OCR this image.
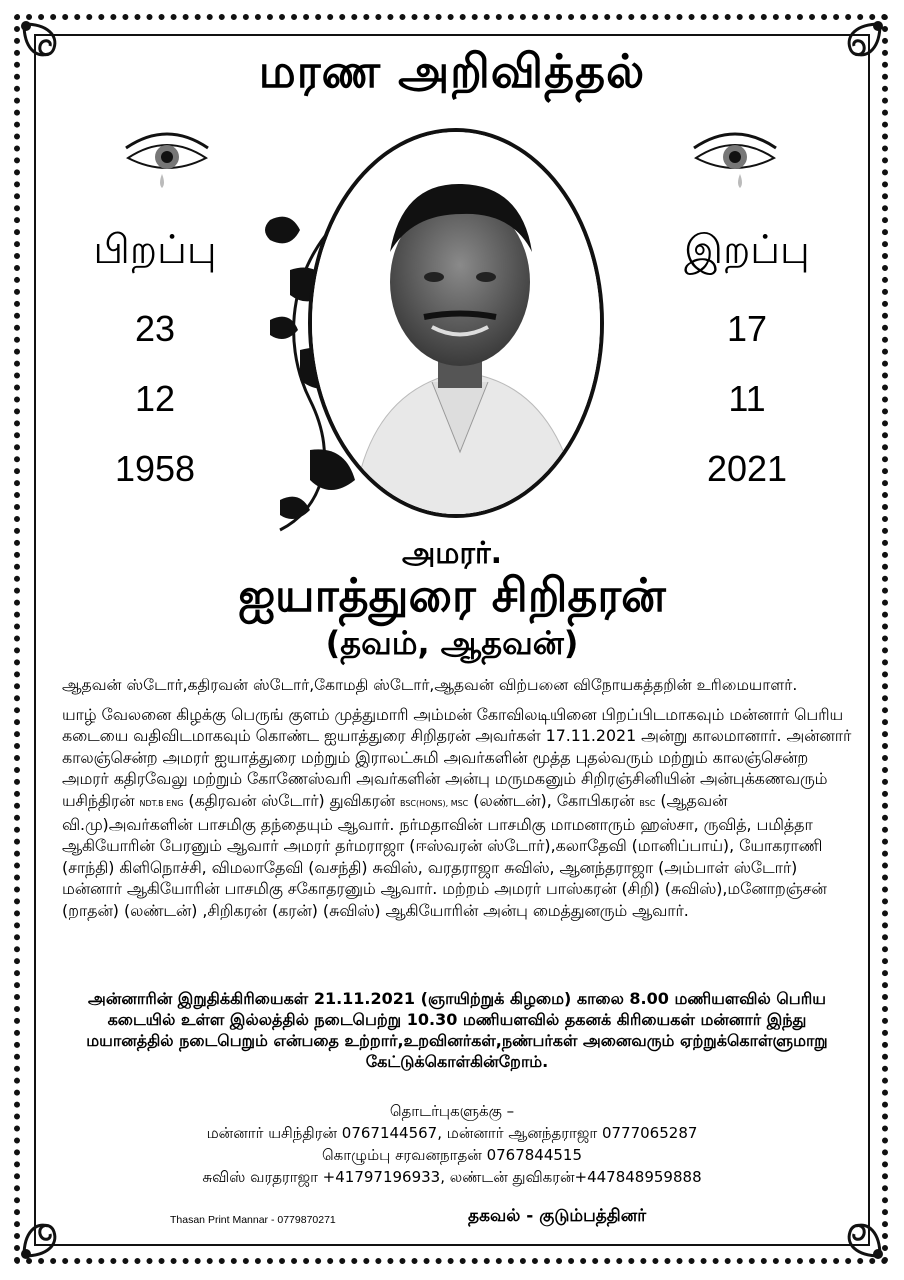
மரண அறிவித்தல்
பிறப்பு
23
12
1958
இறப்பு
17
11
2021
அமரர்.
ஐயாத்துரை சிறிதரன்
(தவம், ஆதவன்)
ஆதவன் ஸ்டோர்,கதிரவன் ஸ்டோர்,கோமதி ஸ்டோர்,ஆதவன் விற்பனை விநோயகத்தறின் உரிமையாளர்.
யாழ் வேலனை கிழக்கு பெருங் குளம் முத்துமாரி அம்மன் கோவிலடியினை பிறப்பிடமாகவும் மன்னார் பெரிய கடையை வதிவிடமாகவும் கொண்ட ஐயாத்துரை சிறிதரன் அவர்கள் 17.11.2021 அன்று காலமானார். அன்னார் காலஞ்சென்ற அமரர் ஐயாத்துரை மற்றும் இராலட்சுமி அவர்களின் மூத்த புதல்வரும் மற்றும் காலஞ்சென்ற அமரர் கதிரவேலு மற்றும் கோணேஸ்வரி அவர்களின் அன்பு மருமகனும் சிறிரஞ்சினியின் அன்புக்கணவரும் யசிந்திரன் NDT.B ENG (கதிரவன் ஸ்டோர்) துவிகரன் BSC(HONS), MSC (லண்டன்), கோபிகரன் BSC (ஆதவன் வி.மு)அவர்களின் பாசமிகு தந்தையும் ஆவார். நர்மதாவின் பாசமிகு மாமனாரும் ஹஸ்சா, ருவித், பமித்தா ஆகியோரின் பேரனும் ஆவார் அமரர் தர்மராஜா (ஈஸ்வரன் ஸ்டோர்),கலாதேவி (மானிப்பாய்), யோகராணி (சாந்தி) கிளிநொச்சி, விமலாதேவி (வசந்தி) சுவிஸ், வரதராஜா சுவிஸ், ஆனந்தராஜா (அம்பாள் ஸ்டோர்) மன்னார் ஆகியோரின் பாசமிகு சகோதரனும் ஆவார். மற்றம் அமரர் பாஸ்கரன் (சிறி) (சுவிஸ்),மனோறஞ்சன் (றாதன்) (லண்டன்) ,சிறிகரன் (கரன்) (சுவிஸ்) ஆகியோரின் அன்பு மைத்துனரும் ஆவார்.
அன்னாரின் இறுதிக்கிரியைகள் 21.11.2021 (ஞாயிற்றுக் கிழமை) காலை 8.00 மணியளவில் பெரிய கடையில் உள்ள இல்லத்தில் நடைபெற்று 10.30 மணியளவில் தகனக் கிரியைகள் மன்னார் இந்து மயானத்தில் நடைபெறும் என்பதை உற்றார்,உறவினர்கள்,நண்பர்கள் அனைவரும் ஏற்றுக்கொள்ளுமாறு கேட்டுக்கொள்கின்றோம்.
தொடர்புகளுக்கு –
மன்னார் யசிந்திரன் 0767144567, மன்னார் ஆனந்தராஜா 0777065287
கொழும்பு சரவனநாதன் 0767844515
சுவிஸ் வரதராஜா +41797196933, லண்டன் துவிகரன்+447848959888
Thasan Print Mannar - 0779870271	தகவல் - குடும்பத்தினர்
